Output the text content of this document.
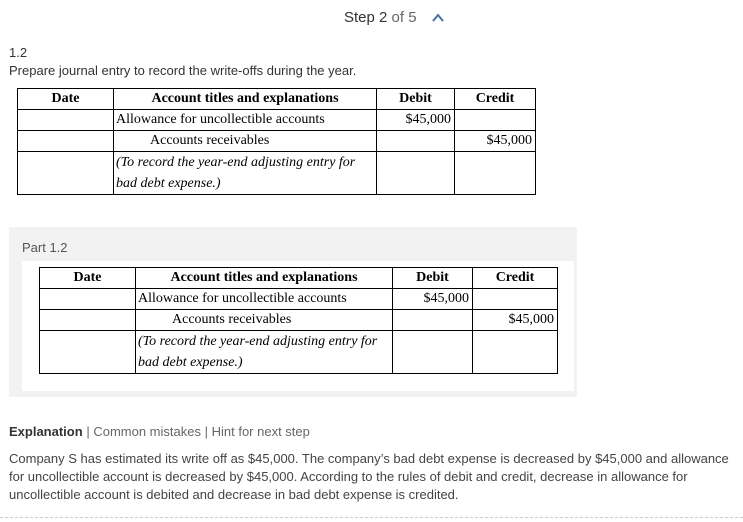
Step 2 of 5
1.2
Prepare journal entry to record the write-offs during the year.
Date	Account titles and explanations	Debit	Credit
	Allowance for uncollectible accounts	$45,000	
	Accounts receivables		$45,000
	(To record the year-end adjusting entry for bad debt expense.)		
Part 1.2
Date	Account titles and explanations	Debit	Credit
	Allowance for uncollectible accounts	$45,000	
	Accounts receivables		$45,000
	(To record the year-end adjusting entry for bad debt expense.)		
Explanation | Common mistakes | Hint for next step
Company S has estimated its write off as $45,000. The company’s bad debt expense is decreased by $45,000 and allowance for uncollectible account is decreased by $45,000. According to the rules of debit and credit, decrease in allowance for uncollectible account is debited and decrease in bad debt expense is credited.
